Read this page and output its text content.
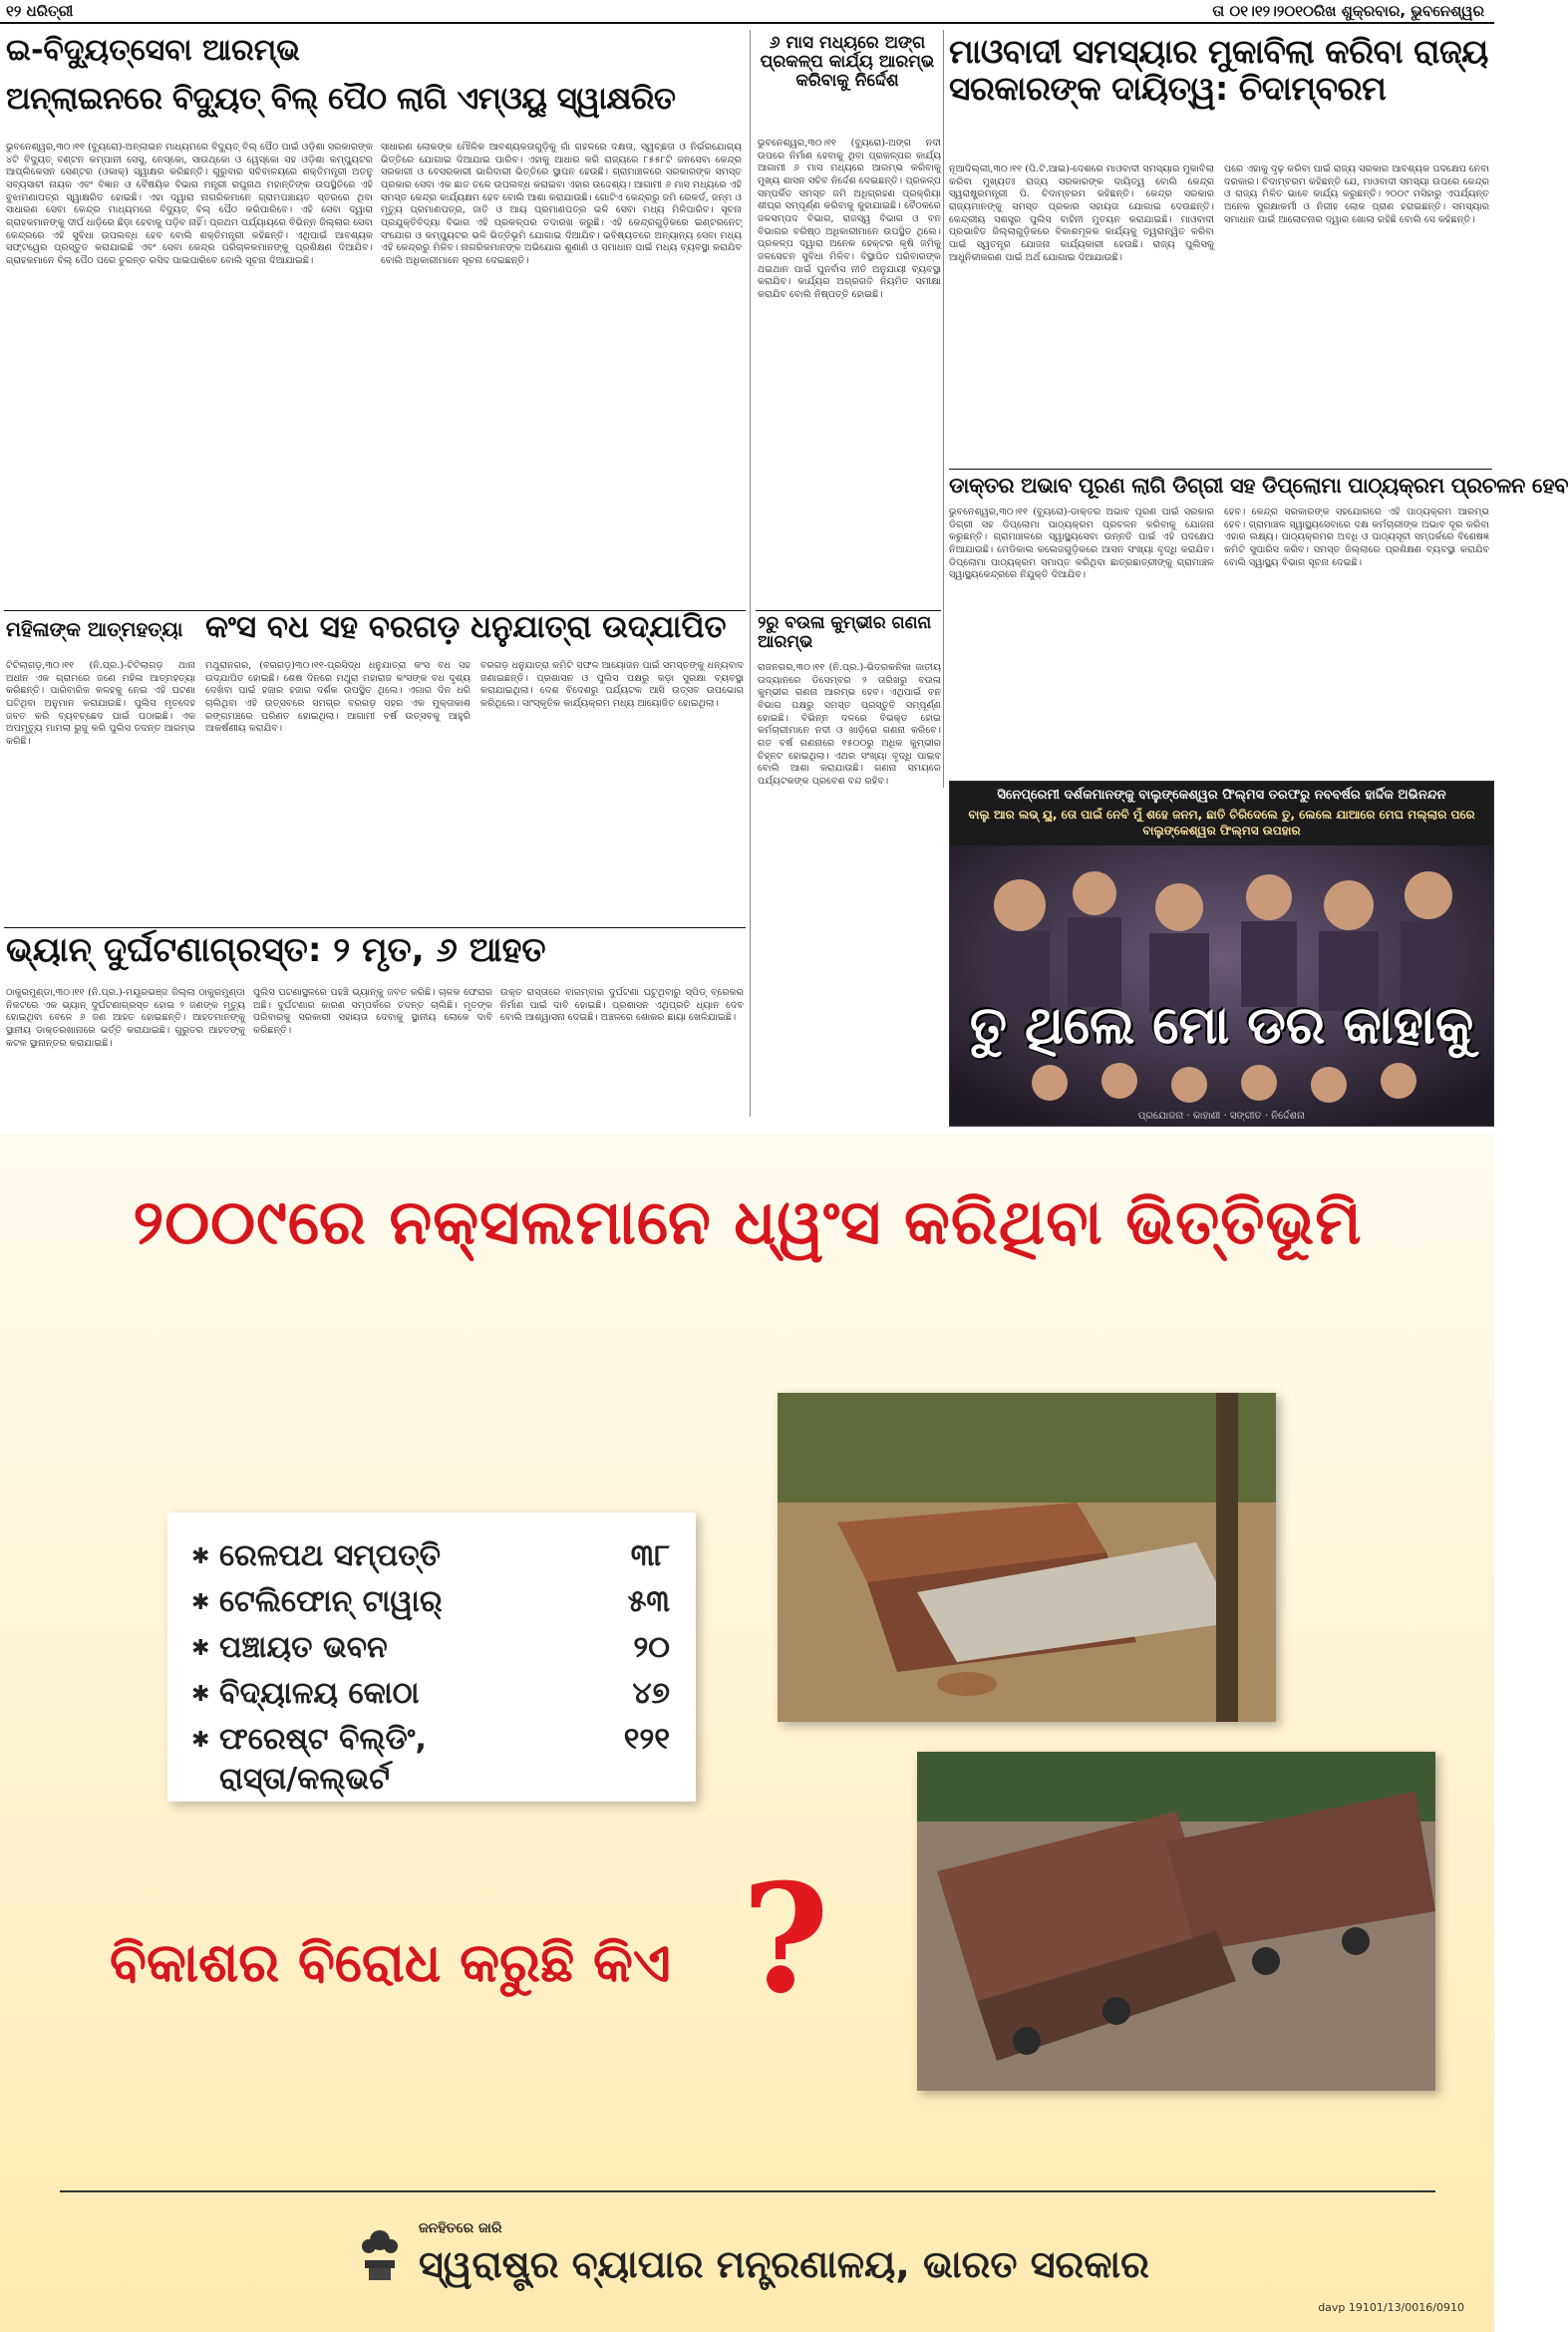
୧୨ ଧରିତ୍ରୀ	ତା ୦୧।୧୨।୨୦୧୦ରିଖ ଶୁକ୍ରବାର, ଭୁବନେଶ୍ୱର
ଇ-ବିଦ୍ୟୁତ୍‌ସେବା ଆରମ୍ଭ
ଅନ୍‌ଲାଇନରେ ବିଦ୍ୟୁତ୍ ବିଲ୍ ପୈଠ ଲାଗି ଏମ୍‌ଓୟୁ ସ୍ୱାକ୍ଷରିତ
ଭୁବନେଶ୍ୱର,୩୦।୧୧ (ବ୍ୟୁରୋ)-ଅନ୍‌ଲାଇନ ମାଧ୍ୟମରେ ବିଦ୍ୟୁତ୍ ବିଲ୍ ପୈଠ ପାଇଁ ଓଡ଼ିଶା ସରକାରଙ୍କ ୪ଟି ବିଦ୍ୟୁତ୍ ବଣ୍ଟନ କମ୍ପାନୀ ସେସୁ, ନେସ୍କୋ, ସାଉଥ୍‌କୋ ଓ ୱେସ୍କୋ ସହ ଓଡ଼ିଶା କମ୍ପ୍ୟୁଟର ଆପ୍ଲିକେସନ ସେଣ୍ଟର (ଓକାକ୍) ସ୍ୱାକ୍ଷର କରିଛନ୍ତି। ଗୁରୁବାର ସଚିବାଳୟରେ ଶକ୍ତିମନ୍ତ୍ରୀ ଅତନୁ ସବ୍ୟସାଚୀ ନାୟକ ଏବଂ ବିଜ୍ଞାନ ଓ ବୈଷୟିକ ବିଭାଗ ମନ୍ତ୍ରୀ ରଘୁନାଥ ମହାନ୍ତିଙ୍କ ଉପସ୍ଥିତିରେ ଏହି ବୁଝାମଣାପତ୍ର ସ୍ୱାକ୍ଷରିତ ହୋଇଛି। ଏହା ଦ୍ୱାରା ନାଗରିକମାନେ ଗ୍ରାମପଞ୍ଚାୟତ ସ୍ତରରେ ଥିବା ସାଧାରଣ ସେବା କେନ୍ଦ୍ର ମାଧ୍ୟମରେ ବିଦ୍ୟୁତ୍ ବିଲ୍ ପୈଠ କରିପାରିବେ। ଏହି ସେବା ଦ୍ୱାରା ଗ୍ରାହକମାନଙ୍କୁ ଦୀର୍ଘ ଧାଡ଼ିରେ ଛିଡ଼ା ହେବାକୁ ପଡ଼ିବ ନାହିଁ। ପ୍ରଥମ ପର୍ଯ୍ୟାୟରେ ବିଭିନ୍ନ ଜିଲ୍ଲାର ସେବା କେନ୍ଦ୍ରରେ ଏହି ସୁବିଧା ଉପଲବ୍ଧ ହେବ ବୋଲି ଶକ୍ତିମନ୍ତ୍ରୀ କହିଛନ୍ତି। ଏଥିପାଇଁ ଆବଶ୍ୟକ ସଫ୍ଟୱେର ପ୍ରସ୍ତୁତ କରାଯାଇଛି ଏବଂ ସେବା କେନ୍ଦ୍ର ପରିଚାଳକମାନଙ୍କୁ ପ୍ରଶିକ୍ଷଣ ଦିଆଯିବ। ଗ୍ରାହକମାନେ ବିଲ୍ ପୈଠ ପରେ ତୁରନ୍ତ ରସିଦ ପାଇପାରିବେ ବୋଲି ସୂଚନା ଦିଆଯାଇଛି।
ସାଧାରଣ ଲୋକଙ୍କ ମୌଳିକ ଆବଶ୍ୟକତାଗୁଡ଼ିକୁ ଗାଁ ଗହଳରେ ଦକ୍ଷତା, ସ୍ୱଚ୍ଛତା ଓ ନିର୍ଭରଯୋଗ୍ୟ ଭିତ୍ତିରେ ଯୋଗାଇ ଦିଆଯାଇ ପାରିବ। ଏହାକୁ ଆଧାର କରି ରାଜ୍ୟରେ ୮୫୫୮ଟି ଜନସେବା କେନ୍ଦ୍ର ସରକାରୀ ଓ ବେସରକାରୀ ଭାଗିଦାରୀ ଭିତ୍ତିରେ ସ୍ଥାପନ ହେଉଛି। ଗ୍ରାମାଞ୍ଚଳରେ ସରକାରଙ୍କ ସମସ୍ତ ପ୍ରକାର ସେବା ଏକ ଛାତ ତଳେ ଉପଲବ୍ଧ କରାଇବା ଏହାର ଉଦ୍ଦେଶ୍ୟ। ଆଗାମୀ ୬ ମାସ ମଧ୍ୟରେ ଏହି ସମସ୍ତ କେନ୍ଦ୍ର କାର୍ଯ୍ୟକ୍ଷମ ହେବ ବୋଲି ଆଶା କରାଯାଉଛି। ଗୋଟିଏ କେନ୍ଦ୍ରରୁ ଜମି ରେକର୍ଡ, ଜନ୍ମ ଓ ମୃତ୍ୟୁ ପ୍ରମାଣପତ୍ର, ଜାତି ଓ ଆୟ ପ୍ରମାଣପତ୍ର ଭଳି ସେବା ମଧ୍ୟ ମିଳିପାରିବ। ସୂଚନା ପ୍ରଯୁକ୍ତିବିଦ୍ୟା ବିଭାଗ ଏହି ପ୍ରକଳ୍ପର ତଦାରଖ କରୁଛି। ଏହି କେନ୍ଦ୍ରଗୁଡ଼ିକରେ ଇଣ୍ଟରନେଟ୍ ସଂଯୋଗ ଓ କମ୍ପ୍ୟୁଟର ଭଳି ଭିତ୍ତିଭୂମି ଯୋଗାଇ ଦିଆଯିବ। ଭବିଷ୍ୟତରେ ଅନ୍ୟାନ୍ୟ ସେବା ମଧ୍ୟ ଏହି କେନ୍ଦ୍ରରୁ ମିଳିବ। ନାଗରିକମାନଙ୍କ ଅଭିଯୋଗ ଶୁଣାଣି ଓ ସମାଧାନ ପାଇଁ ମଧ୍ୟ ବ୍ୟବସ୍ଥା କରାଯିବ ବୋଲି ଅଧିକାରୀମାନେ ସୂଚନା ଦେଇଛନ୍ତି।
୬ ମାସ ମଧ୍ୟରେ ଅଙ୍ଗ ପ୍ରକଳ୍ପ କାର୍ଯ୍ୟ ଆରମ୍ଭ କରିବାକୁ ନିର୍ଦ୍ଦେଶ
ଭୁବନେଶ୍ୱର,୩୦।୧୧ (ବ୍ୟୁରୋ)-ଅଙ୍ଗ ନଦୀ ଉପରେ ନିର୍ମାଣ ହେବାକୁ ଥିବା ପ୍ରକଳ୍ପର କାର୍ଯ୍ୟ ଆଗାମୀ ୬ ମାସ ମଧ୍ୟରେ ଆରମ୍ଭ କରିବାକୁ ମୁଖ୍ୟ ଶାସନ ସଚିବ ନିର୍ଦ୍ଦେଶ ଦେଇଛନ୍ତି। ପ୍ରକଳ୍ପ ସମ୍ପର୍କିତ ସମସ୍ତ ଜମି ଅଧିଗ୍ରହଣ ପ୍ରକ୍ରିୟା ଶୀଘ୍ର ସମ୍ପୂର୍ଣ୍ଣ କରିବାକୁ କୁହାଯାଇଛି। ବୈଠକରେ ଜଳସମ୍ପଦ ବିଭାଗ, ରାଜସ୍ୱ ବିଭାଗ ଓ ବନ ବିଭାଗର ବରିଷ୍ଠ ଅଧିକାରୀମାନେ ଉପସ୍ଥିତ ଥିଲେ। ପ୍ରକଳ୍ପ ଦ୍ୱାରା ଅନେକ ହେକ୍ଟର କୃଷି ଜମିକୁ ଜଳସେଚନ ସୁବିଧା ମିଳିବ। ବିସ୍ଥାପିତ ପରିବାରଙ୍କ ଥଇଥାନ ପାଇଁ ପୁନର୍ବାସ ନୀତି ଅନୁଯାୟୀ ବ୍ୟବସ୍ଥା କରାଯିବ। କାର୍ଯ୍ୟର ଅଗ୍ରଗତି ନିୟମିତ ସମୀକ୍ଷା କରାଯିବ ବୋଲି ନିଷ୍ପତ୍ତି ହୋଇଛି।
ମାଓବାଦୀ ସମସ୍ୟାର ମୁକାବିଲା କରିବା ରାଜ୍ୟ ସରକାରଙ୍କ ଦାୟିତ୍ୱ: ଚିଦାମ୍ବରମ
ନୂଆଦିଲ୍ଲୀ,୩୦।୧୧ (ପି.ଟି.ଆଇ)-ଦେଶରେ ମାଓବାଦୀ ସମସ୍ୟାର ମୁକାବିଲା କରିବା ମୁଖ୍ୟତଃ ରାଜ୍ୟ ସରକାରଙ୍କ ଦାୟିତ୍ୱ ବୋଲି କେନ୍ଦ୍ର ସ୍ୱରାଷ୍ଟ୍ରମନ୍ତ୍ରୀ ପି. ଚିଦାମ୍ବରମ କହିଛନ୍ତି। କେନ୍ଦ୍ର ସରକାର ରାଜ୍ୟମାନଙ୍କୁ ସମସ୍ତ ପ୍ରକାର ସହାୟତା ଯୋଗାଇ ଦେଉଛନ୍ତି। କେନ୍ଦ୍ରୀୟ ସଶସ୍ତ୍ର ପୁଲିସ ବାହିନୀ ମୁତୟନ କରାଯାଇଛି। ମାଓବାଦୀ ପ୍ରଭାବିତ ଜିଲ୍ଲାଗୁଡ଼ିକରେ ବିକାଶମୂଳକ କାର୍ଯ୍ୟକୁ ତ୍ୱରାନ୍ୱିତ କରିବା ପାଇଁ ସ୍ୱତନ୍ତ୍ର ଯୋଜନା କାର୍ଯ୍ୟକାରୀ ହେଉଛି। ରାଜ୍ୟ ପୁଲିସକୁ ଆଧୁନିକୀକରଣ ପାଇଁ ଅର୍ଥ ଯୋଗାଇ ଦିଆଯାଉଛି।
ପରେ ଏହାକୁ ଦୃଢ଼ କରିବା ପାଇଁ ରାଜ୍ୟ ସରକାର ଆବଶ୍ୟକ ପଦକ୍ଷେପ ନେବା ଦରକାର। ଚିଦାମ୍ବରମ କହିଛନ୍ତି ଯେ, ମାଓବାଦୀ ସମସ୍ୟା ଉପରେ କେନ୍ଦ୍ର ଓ ରାଜ୍ୟ ମିଳିତ ଭାବେ କାର୍ଯ୍ୟ କରୁଛନ୍ତି। ୨୦୦୯ ମସିହାରୁ ଏପର୍ଯ୍ୟନ୍ତ ଅନେକ ସୁରକ୍ଷାକର୍ମୀ ଓ ନିରୀହ ଲୋକ ପ୍ରାଣ ହରାଇଛନ୍ତି। ସମସ୍ୟାର ସମାଧାନ ପାଇଁ ଆଲୋଚନାର ଦ୍ୱାର ଖୋଲା ରହିଛି ବୋଲି ସେ କହିଛନ୍ତି।
ଡାକ୍ତର ଅଭାବ ପୂରଣ ଲାଗି ଡିଗ୍ରୀ ସହ ଡିପ୍ଲୋମା ପାଠ୍ୟକ୍ରମ ପ୍ରଚଳନ ହେବ
ଭୁବନେଶ୍ୱର,୩୦।୧୧ (ବ୍ୟୁରୋ)-ଡାକ୍ତର ଅଭାବ ପୂରଣ ପାଇଁ ସରକାର ଡିଗ୍ରୀ ସହ ଡିପ୍ଲୋମା ପାଠ୍ୟକ୍ରମ ପ୍ରଚଳନ କରିବାକୁ ଯୋଜନା କରୁଛନ୍ତି। ଗ୍ରାମାଞ୍ଚଳରେ ସ୍ୱାସ୍ଥ୍ୟସେବା ଉନ୍ନତି ପାଇଁ ଏହି ପଦକ୍ଷେପ ନିଆଯାଉଛି। ମେଡିକାଲ କଲେଜଗୁଡ଼ିକରେ ଆସନ ସଂଖ୍ୟା ବୃଦ୍ଧି କରାଯିବ। ଡିପ୍ଲୋମା ପାଠ୍ୟକ୍ରମ ସମାପ୍ତ କରିଥିବା ଛାତ୍ରଛାତ୍ରୀଙ୍କୁ ଗ୍ରାମାଞ୍ଚଳ ସ୍ୱାସ୍ଥ୍ୟକେନ୍ଦ୍ରରେ ନିଯୁକ୍ତି ଦିଆଯିବ।
ହେବ। କେନ୍ଦ୍ର ସରକାରଙ୍କ ସହଯୋଗରେ ଏହି ପାଠ୍ୟକ୍ରମ ଆରମ୍ଭ ହେବ। ଗ୍ରାମାଞ୍ଚଳ ସ୍ୱାସ୍ଥ୍ୟସେବାରେ ଦକ୍ଷ କର୍ମଚାରୀଙ୍କ ଅଭାବ ଦୂର କରିବା ଏହାର ଲକ୍ଷ୍ୟ। ପାଠ୍ୟକ୍ରମର ଅବଧି ଓ ପାଠ୍ୟସୂଚୀ ସମ୍ପର୍କରେ ବିଶେଷଜ୍ଞ କମିଟି ସୁପାରିସ କରିବ। ସମସ୍ତ ଜିଲ୍ଲାରେ ପ୍ରଶିକ୍ଷଣ ବ୍ୟବସ୍ଥା କରାଯିବ ବୋଲି ସ୍ୱାସ୍ଥ୍ୟ ବିଭାଗ ସୂଚନା ଦେଇଛି।
ମହିଳାଙ୍କ ଆତ୍ମହତ୍ୟା କଂସ ବଧ ସହ ବରଗଡ଼ ଧନୁଯାତ୍ରା ଉଦ୍‌ଯାପିତ
ଟିଟିଲାଗଡ଼,୩୦।୧୧ (ନି.ପ୍ର.)-ଟିଟିଲାଗଡ଼ ଥାନା ଅଧୀନ ଏକ ଗ୍ରାମରେ ଜଣେ ମହିଳା ଆତ୍ମହତ୍ୟା କରିଛନ୍ତି। ପାରିବାରିକ କଳହକୁ ନେଇ ଏହି ଘଟଣା ଘଟିଥିବା ଅନୁମାନ କରାଯାଉଛି। ପୁଲିସ ମୃତଦେହ ଜବତ କରି ବ୍ୟବଚ୍ଛେଦ ପାଇଁ ପଠାଇଛି। ଏକ ଅପମୃତ୍ୟୁ ମାମଲା ରୁଜୁ କରି ପୁଲିସ ତଦନ୍ତ ଆରମ୍ଭ କରିଛି।
ମଥୁରାନଗର, (ବରଗଡ଼)୩୦।୧୧-ପ୍ରସିଦ୍ଧ ଧନୁଯାତ୍ରା କଂସ ବଧ ସହ ଉଦ୍‌ଯାପିତ ହୋଇଛି। ଶେଷ ଦିନରେ ମଥୁରା ମହାରାଜ କଂସଙ୍କ ବଧ ଦୃଶ୍ୟ ଦେଖିବା ପାଇଁ ହଜାର ହଜାର ଦର୍ଶକ ଉପସ୍ଥିତ ଥିଲେ। ଏଗାର ଦିନ ଧରି ଚାଲିଥିବା ଏହି ଉତ୍ସବରେ ସମଗ୍ର ବରଗଡ଼ ସହର ଏକ ମୁକ୍ତାକାଶ ରଙ୍ଗମଞ୍ଚରେ ପରିଣତ ହୋଇଥିଲା। ଆଗାମୀ ବର୍ଷ ଉତ୍ସବକୁ ଆହୁରି ଆକର୍ଷଣୀୟ କରାଯିବ।
ବରଗଡ଼ ଧନୁଯାତ୍ରା କମିଟି ସଫଳ ଆୟୋଜନ ପାଇଁ ସମସ୍ତଙ୍କୁ ଧନ୍ୟବାଦ ଜଣାଇଛନ୍ତି। ପ୍ରଶାସନ ଓ ପୁଲିସ ପକ୍ଷରୁ କଡ଼ା ସୁରକ୍ଷା ବ୍ୟବସ୍ଥା କରାଯାଇଥିଲା। ଦେଶ ବିଦେଶରୁ ପର୍ଯ୍ୟଟକ ଆସି ଉତ୍ସବ ଉପଭୋଗ କରିଥିଲେ। ସାଂସ୍କୃତିକ କାର୍ଯ୍ୟକ୍ରମ ମଧ୍ୟ ଆୟୋଜିତ ହୋଇଥିଲା।
ଭ୍ୟାନ୍ ଦୁର୍ଘଟଣାଗ୍ରସ୍ତ: ୨ ମୃତ, ୬ ଆହତ
ଠାକୁରମୁଣ୍ଡା,୩୦।୧୧ (ନି.ପ୍ର.)-ମୟୂରଭଞ୍ଜ ଜିଲ୍ଲା ଠାକୁରମୁଣ୍ଡା ନିକଟରେ ଏକ ଭ୍ୟାନ୍ ଦୁର୍ଘଟଣାଗ୍ରସ୍ତ ହୋଇ ୨ ଜଣଙ୍କ ମୃତ୍ୟୁ ହୋଇଥିବା ବେଳେ ୬ ଜଣ ଆହତ ହୋଇଛନ୍ତି। ଆହତମାନଙ୍କୁ ସ୍ଥାନୀୟ ଡାକ୍ତରଖାନାରେ ଭର୍ତ୍ତି କରାଯାଇଛି। ଗୁରୁତର ଆହତଙ୍କୁ କଟକ ସ୍ଥାନାନ୍ତର କରାଯାଇଛି।
ପୁଲିସ ଘଟଣାସ୍ଥଳରେ ପହଞ୍ଚି ଭ୍ୟାନ୍‌କୁ ଜବତ କରିଛି। ଚାଳକ ଫେରାର ଅଛି। ଦୁର୍ଘଟଣାର କାରଣ ସମ୍ପର୍କରେ ତଦନ୍ତ ଚାଲିଛି। ମୃତଙ୍କ ପରିବାରକୁ ସରକାରୀ ସହାୟତା ଦେବାକୁ ସ୍ଥାନୀୟ ଲୋକେ ଦାବି କରିଛନ୍ତି।
ଉକ୍ତ ରାସ୍ତାରେ ବାରମ୍ବାର ଦୁର୍ଘଟଣା ଘଟୁଥିବାରୁ ସ୍ପିଡ୍ ବ୍ରେକର ନିର୍ମାଣ ପାଇଁ ଦାବି ହୋଇଛି। ପ୍ରଶାସନ ଏଥିପ୍ରତି ଧ୍ୟାନ ଦେବ ବୋଲି ଆଶ୍ୱାସନା ଦେଇଛି। ଅଞ୍ଚଳରେ ଶୋକର ଛାୟା ଖେଳିଯାଇଛି।
୨ରୁ ବଉଳା କୁମ୍ଭୀର ଗଣନା ଆରମ୍ଭ
ରାଜନଗର,୩୦।୧୧ (ନି.ପ୍ର.)-ଭିତରକନିକା ଜାତୀୟ ଉଦ୍ୟାନରେ ଡିସେମ୍ବର ୨ ତାରିଖରୁ ବଉଳା କୁମ୍ଭୀର ଗଣନା ଆରମ୍ଭ ହେବ। ଏଥିପାଇଁ ବନ ବିଭାଗ ପକ୍ଷରୁ ସମସ୍ତ ପ୍ରସ୍ତୁତି ସମ୍ପୂର୍ଣ୍ଣ ହୋଇଛି। ବିଭିନ୍ନ ଦଳରେ ବିଭକ୍ତ ହୋଇ କର୍ମଚାରୀମାନେ ନଦୀ ଓ ଖାଡ଼ିରେ ଗଣନା କରିବେ। ଗତ ବର୍ଷ ଗଣନାରେ ୧୫୦୦ରୁ ଅଧିକ କୁମ୍ଭୀର ଚିହ୍ନଟ ହୋଇଥିଲା। ଏଥର ସଂଖ୍ୟା ବୃଦ୍ଧି ପାଇବ ବୋଲି ଆଶା କରାଯାଉଛି। ଗଣନା ସମୟରେ ପର୍ଯ୍ୟଟକଙ୍କ ପ୍ରବେଶ ବନ୍ଦ ରହିବ।
ସିନେପ୍ରେମୀ ଦର୍ଶକମାନଙ୍କୁ ବାଲୁଙ୍କେଶ୍ୱର ଫିଲ୍ମସ ତରଫରୁ ନବବର୍ଷର ହାର୍ଦ୍ଦିକ ଅଭିନନ୍ଦନ
ବାଲୁ ଆର ଲଭ୍ ୟୁ, ତୋ ପାଇଁ ନେବି ମୁଁ ଶହେ ଜନମ, ଛାତି ଚିରିଦେଲେ ତୁ, ଲେଲେ ଯାଆରେ ମେଘ ମଲ୍ଲାର ପରେ ବାଲୁଙ୍କେଶ୍ୱର ଫିଲ୍ମସ ଉପହାର
ତୁ ଥିଲେ ମୋ ଡର କାହାକୁ
ପ୍ରଯୋଜନା · କାହାଣୀ · ସଙ୍ଗୀତ · ନିର୍ଦ୍ଦେଶନା
୨୦୦୯ରେ ନକ୍ସଲମାନେ ଧ୍ୱଂସ କରିଥିବା ଭିତ୍ତିଭୂମି
✱ ରେଳପଥ ସମ୍ପତ୍ତି	୩୮
✱ ଟେଲିଫୋନ୍ ଟାୱାର୍	୫୩
✱ ପଞ୍ଚାୟତ ଭବନ	୨୦
✱ ବିଦ୍ୟାଳୟ କୋଠା	୪୭
✱ ଫରେଷ୍ଟ ବିଲ୍ଡିଂ,	୧୨୧
ରାସ୍ତା/କଲ୍‌ଭର୍ଟ
ବିକାଶର ବିରୋଧ କରୁଛି କିଏ ?
ଜନହିତରେ ଜାରି
ସ୍ୱରାଷ୍ଟ୍ର ବ୍ୟାପାର ମନ୍ତ୍ରଣାଳୟ, ଭାରତ ସରକାର
davp 19101/13/0016/0910
